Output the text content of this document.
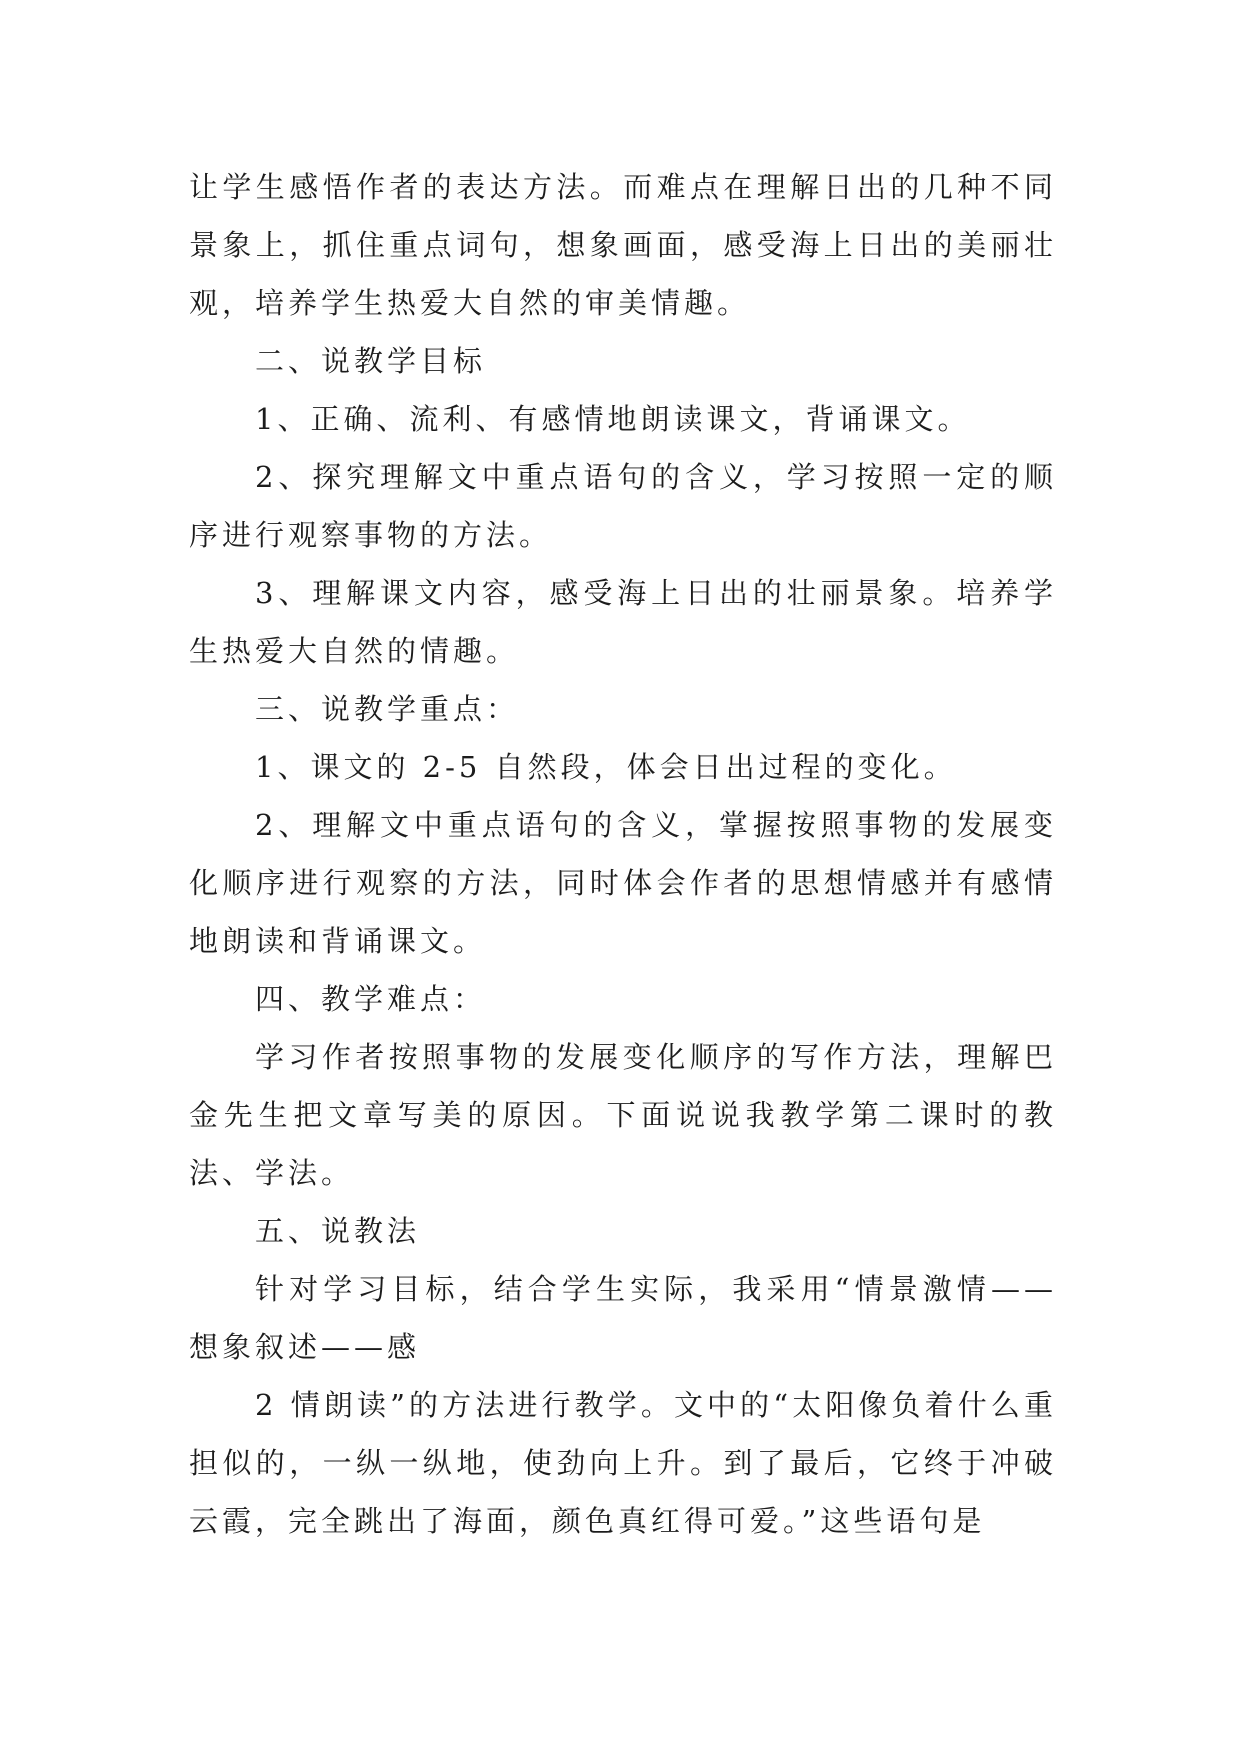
让学生感悟作者的表达方法。而难点在理解日出的几种不同景象上，抓住重点词句，想象画面，感受海上日出的美丽壮观，培养学生热爱大自然的审美情趣。

二、说教学目标

1、正确、流利、有感情地朗读课文，背诵课文。

2、探究理解文中重点语句的含义，学习按照一定的顺序进行观察事物的方法。

3、理解课文内容，感受海上日出的壮丽景象。培养学生热爱大自然的情趣。

三、说教学重点：

1、课文的 2-5 自然段，体会日出过程的变化。

2、理解文中重点语句的含义，掌握按照事物的发展变化顺序进行观察的方法，同时体会作者的思想情感并有感情地朗读和背诵课文。

四、教学难点：

学习作者按照事物的发展变化顺序的写作方法，理解巴金先生把文章写美的原因。下面说说我教学第二课时的教法、学法。

五、说教法

针对学习目标，结合学生实际，我采用“情景激情——想象叙述——感

2 情朗读”的方法进行教学。文中的“太阳像负着什么重担似的，一纵一纵地，使劲向上升。到了最后，它终于冲破云霞，完全跳出了海面，颜色真红得可爱。”这些语句是
